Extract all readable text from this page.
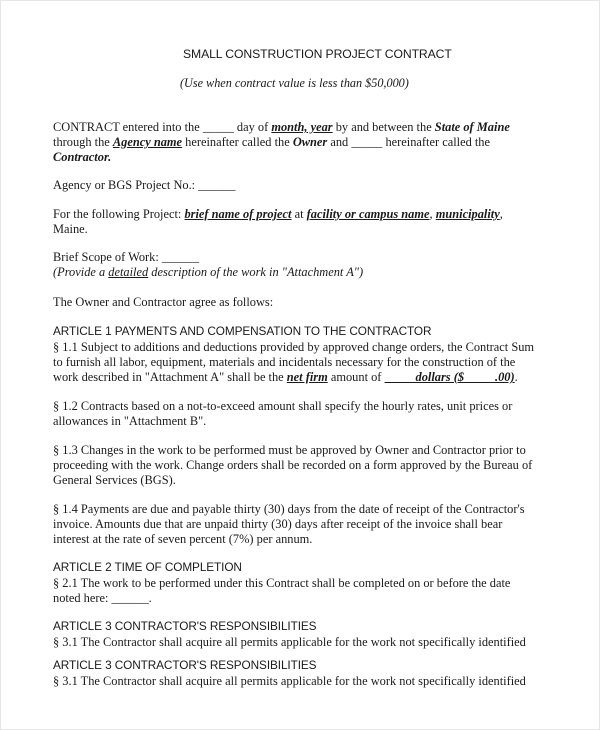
SMALL CONSTRUCTION PROJECT CONTRACT
(Use when contract value is less than $50,000)
CONTRACT entered into the _____ day of month, year by and between the State of Maine
through the Agency name hereinafter called the Owner and _____ hereinafter called the
Contractor.
Agency or BGS Project No.: ______
For the following Project: brief name of project at facility or campus name, municipality,
Maine.
Brief Scope of Work: ______
(Provide a detailed description of the work in "Attachment A")
The Owner and Contractor agree as follows:
ARTICLE 1 PAYMENTS AND COMPENSATION TO THE CONTRACTOR
§ 1.1 Subject to additions and deductions provided by approved change orders, the Contract Sum
to furnish all labor, equipment, materials and incidentals necessary for the construction of the
work described in "Attachment A" shall be the net firm amount of           dollars ($          .00).
§ 1.2 Contracts based on a not-to-exceed amount shall specify the hourly rates, unit prices or
allowances in "Attachment B".
§ 1.3 Changes in the work to be performed must be approved by Owner and Contractor prior to
proceeding with the work. Change orders shall be recorded on a form approved by the Bureau of
General Services (BGS).
§ 1.4 Payments are due and payable thirty (30) days from the date of receipt of the Contractor's
invoice. Amounts due that are unpaid thirty (30) days after receipt of the invoice shall bear
interest at the rate of seven percent (7%) per annum.
ARTICLE 2 TIME OF COMPLETION
§ 2.1 The work to be performed under this Contract shall be completed on or before the date
noted here: ______.
ARTICLE 3 CONTRACTOR'S RESPONSIBILITIES
§ 3.1 The Contractor shall acquire all permits applicable for the work not specifically identified
ARTICLE 3 CONTRACTOR'S RESPONSIBILITIES
§ 3.1 The Contractor shall acquire all permits applicable for the work not specifically identified
